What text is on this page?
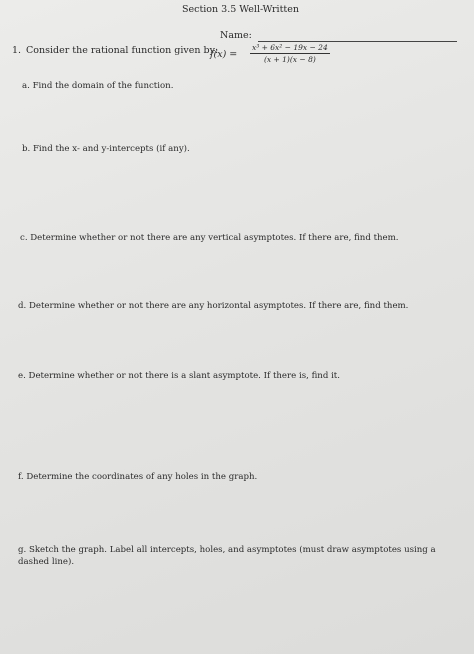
Section 3.5 Well-Written
Name:
1. Consider the rational function given by:
$f(x) = \frac{\text{x³ + 6x² − 19x − 24}}{(x + 1)(x - 8)}$
a. Find the domain of the function.
b. Find the x- and y-intercepts (if any).
c. Determine whether or not there are any vertical asymptotes. If there are, find them.
d. Determine whether or not there are any horizontal asymptotes. If there are, find them.
e. Determine whether or not there is a slant asymptote. If there is, find it.
f. Determine the coordinates of any holes in the graph.
g. Sketch the graph. Label all intercepts, holes, and asymptotes (must draw asymptotes using a dashed line).
